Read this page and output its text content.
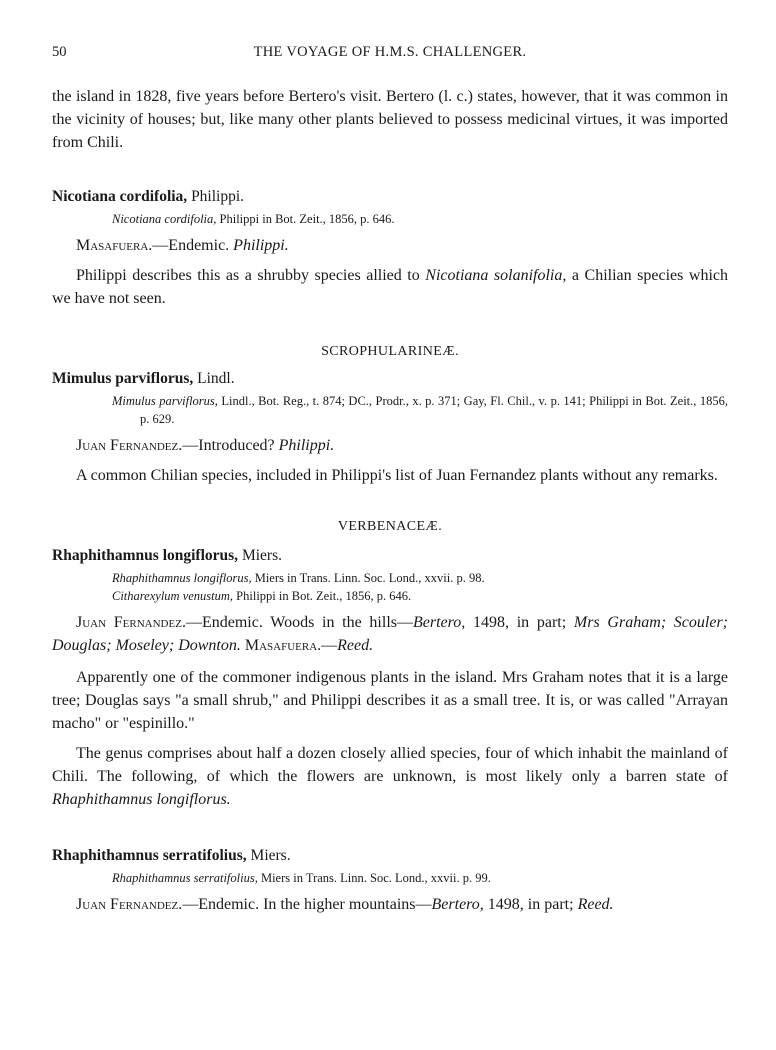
50	THE VOYAGE OF H.M.S. CHALLENGER.

the island in 1828, five years before Bertero's visit. Bertero (l. c.) states, however, that it was common in the vicinity of houses; but, like many other plants believed to possess medicinal virtues, it was imported from Chili.

Nicotiana cordifolia, Philippi.

Nicotiana cordifolia, Philippi in Bot. Zeit., 1856, p. 646.

Masafuera.—Endemic. Philippi.

Philippi describes this as a shrubby species allied to Nicotiana solanifolia, a Chilian species which we have not seen.

SCROPHULARINEÆ.

Mimulus parviflorus, Lindl.

Mimulus parviflorus, Lindl., Bot. Reg., t. 874; DC., Prodr., x. p. 371; Gay, Fl. Chil., v. p. 141; Philippi in Bot. Zeit., 1856, p. 629.

Juan Fernandez.—Introduced? Philippi.

A common Chilian species, included in Philippi's list of Juan Fernandez plants without any remarks.

VERBENACEÆ.

Rhaphithamnus longiflorus, Miers.

Rhaphithamnus longiflorus, Miers in Trans. Linn. Soc. Lond., xxvii. p. 98.

Citharexylum venustum, Philippi in Bot. Zeit., 1856, p. 646.

Juan Fernandez.—Endemic. Woods in the hills—Bertero, 1498, in part; Mrs Graham; Scouler; Douglas; Moseley; Downton. Masafuera.—Reed.

Apparently one of the commoner indigenous plants in the island. Mrs Graham notes that it is a large tree; Douglas says "a small shrub," and Philippi describes it as a small tree. It is, or was called "Arrayan macho" or "espinillo."

The genus comprises about half a dozen closely allied species, four of which inhabit the mainland of Chili. The following, of which the flowers are unknown, is most likely only a barren state of Rhaphithamnus longiflorus.

Rhaphithamnus serratifolius, Miers.

Rhaphithamnus serratifolius, Miers in Trans. Linn. Soc. Lond., xxvii. p. 99.

Juan Fernandez.—Endemic. In the higher mountains—Bertero, 1498, in part; Reed.
